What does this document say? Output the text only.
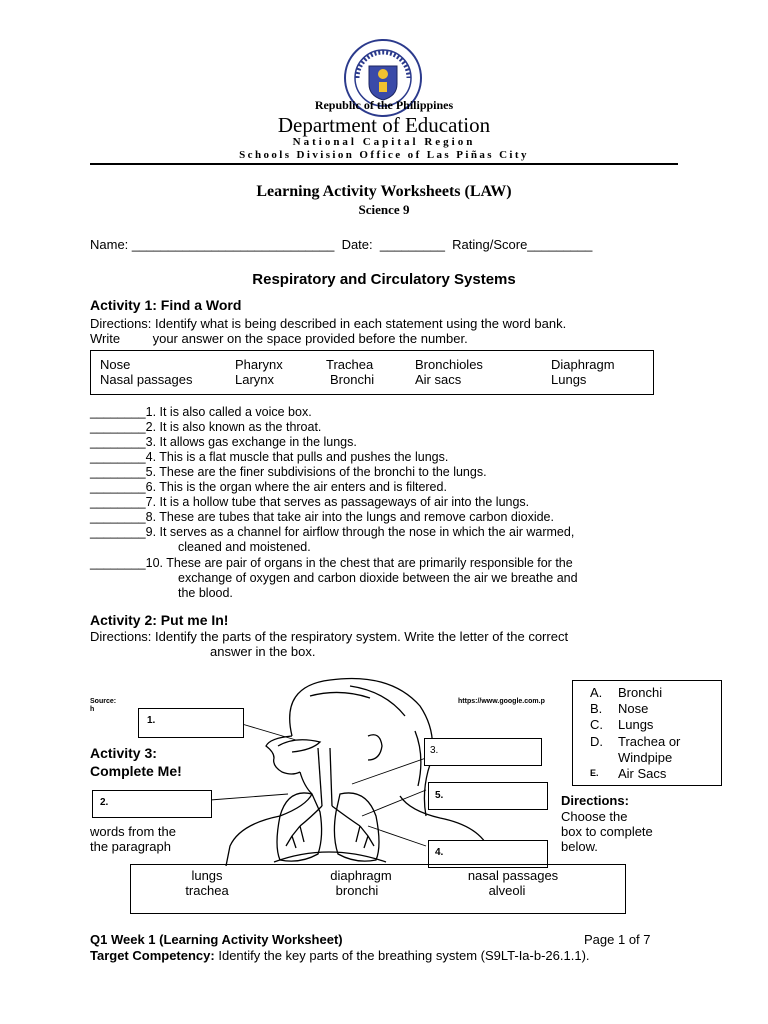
Republic of the Philippines
Department of Education
National Capital Region
Schools Division Office of Las Piñas City
Learning Activity Worksheets (LAW)
Science 9
Name: ____________________________  Date:  _________  Rating/Score_________
Respiratory and Circulatory Systems
Activity 1: Find a Word
Directions: Identify what is being described in each statement using the word bank.
Write         your answer on the space provided before the number.
Nose	Pharynx	Trachea	Bronchioles	Diaphragm
Nasal passages	Larynx	Bronchi	Air sacs	Lungs
________1. It is also called a voice box.
________2. It is also known as the throat.
________3. It allows gas exchange in the lungs.
________4. This is a flat muscle that pulls and pushes the lungs.
________5. These are the finer subdivisions of the bronchi to the lungs.
________6. This is the organ where the air enters and is filtered.
________7. It is a hollow tube that serves as passageways of air into the lungs.
________8. These are tubes that take air into the lungs and remove carbon dioxide.
________9. It serves as a channel for airflow through the nose in which the air warmed,
cleaned and moistened.
________10. These are pair of organs in the chest that are primarily responsible for the
exchange of oxygen and carbon dioxide between the air we breathe and
the blood.
Activity 2: Put me In!
Directions: Identify the parts of the respiratory system. Write the letter of the correct
answer in the box.
Source:
h
https://www.google.com.p
1.
3.
2.
5.
4.
A. Bronchi
B. Nose
C. Lungs
D. Trachea or
Windpipe
E. Air Sacs
Activity 3:
Complete Me!
words from the
the paragraph
Directions:
Choose the
box to complete
below.
lungs	diaphragm	nasal passages
trachea	bronchi	alveoli
Q1 Week 1 (Learning Activity Worksheet)	Page 1 of 7
Target Competency: Identify the key parts of the breathing system (S9LT-Ia-b-26.1.1).
